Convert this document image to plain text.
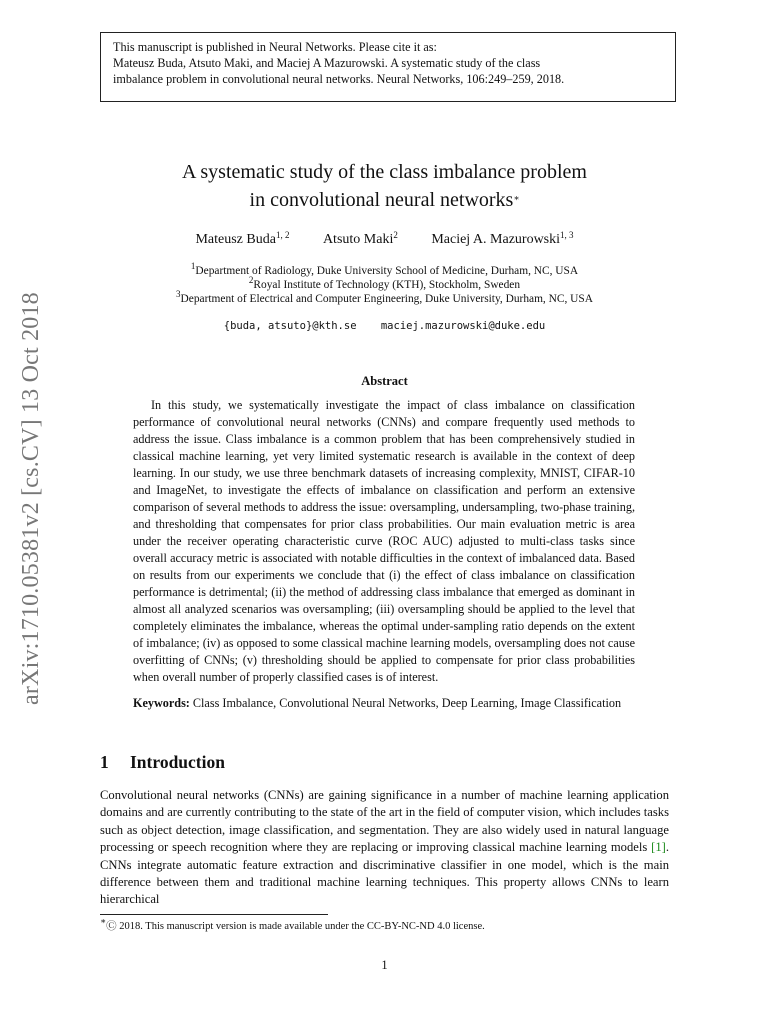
This manuscript is published in Neural Networks. Please cite it as:
Mateusz Buda, Atsuto Maki, and Maciej A Mazurowski. A systematic study of the class
imbalance problem in convolutional neural networks. Neural Networks, 106:249–259, 2018.
arXiv:1710.05381v2 [cs.CV] 13 Oct 2018
A systematic study of the class imbalance problem
in convolutional neural networks∗
Mateusz Buda$^{1, 2}$ Atsuto Maki$^2$ Maciej A. Mazurowski$^{1, 3}$
$^1$Department of Radiology, Duke University School of Medicine, Durham, NC, USA
$^2$Royal Institute of Technology (KTH), Stockholm, Sweden
$^3$Department of Electrical and Computer Engineering, Duke University, Durham, NC, USA
{buda, atsuto}@kth.se maciej.mazurowski@duke.edu
Abstract
In this study, we systematically investigate the impact of class imbalance on classification performance of convolutional neural networks (CNNs) and compare frequently used methods to address the issue. Class imbalance is a common problem that has been comprehensively studied in classical machine learning, yet very limited systematic research is available in the context of deep learning. In our study, we use three benchmark datasets of increasing complexity, MNIST, CIFAR-10 and ImageNet, to investigate the effects of imbalance on classification and perform an extensive comparison of several methods to address the issue: oversampling, undersampling, two-phase training, and thresholding that compensates for prior class probabilities. Our main evaluation metric is area under the receiver operating characteristic curve (ROC AUC) adjusted to multi-class tasks since overall accuracy metric is associated with notable difficulties in the context of imbalanced data. Based on results from our experiments we conclude that (i) the effect of class imbalance on classification performance is detrimental; (ii) the method of addressing class imbalance that emerged as dominant in almost all analyzed scenarios was oversampling; (iii) oversampling should be applied to the level that completely eliminates the imbalance, whereas the optimal under-sampling ratio depends on the extent of imbalance; (iv) as opposed to some classical machine learning models, oversampling does not cause overfitting of CNNs; (v) thresholding should be applied to compensate for prior class probabilities when overall number of properly classified cases is of interest.
Keywords: Class Imbalance, Convolutional Neural Networks, Deep Learning, Image Classification
1 Introduction
Convolutional neural networks (CNNs) are gaining significance in a number of machine learning application domains and are currently contributing to the state of the art in the field of computer vision, which includes tasks such as object detection, image classification, and segmentation. They are also widely used in natural language processing or speech recognition where they are replacing or improving classical machine learning models [1]. CNNs integrate automatic feature extraction and discriminative classifier in one model, which is the main difference between them and traditional machine learning techniques. This property allows CNNs to learn hierarchical
∗Ⓒ 2018. This manuscript version is made available under the CC-BY-NC-ND 4.0 license.
1
